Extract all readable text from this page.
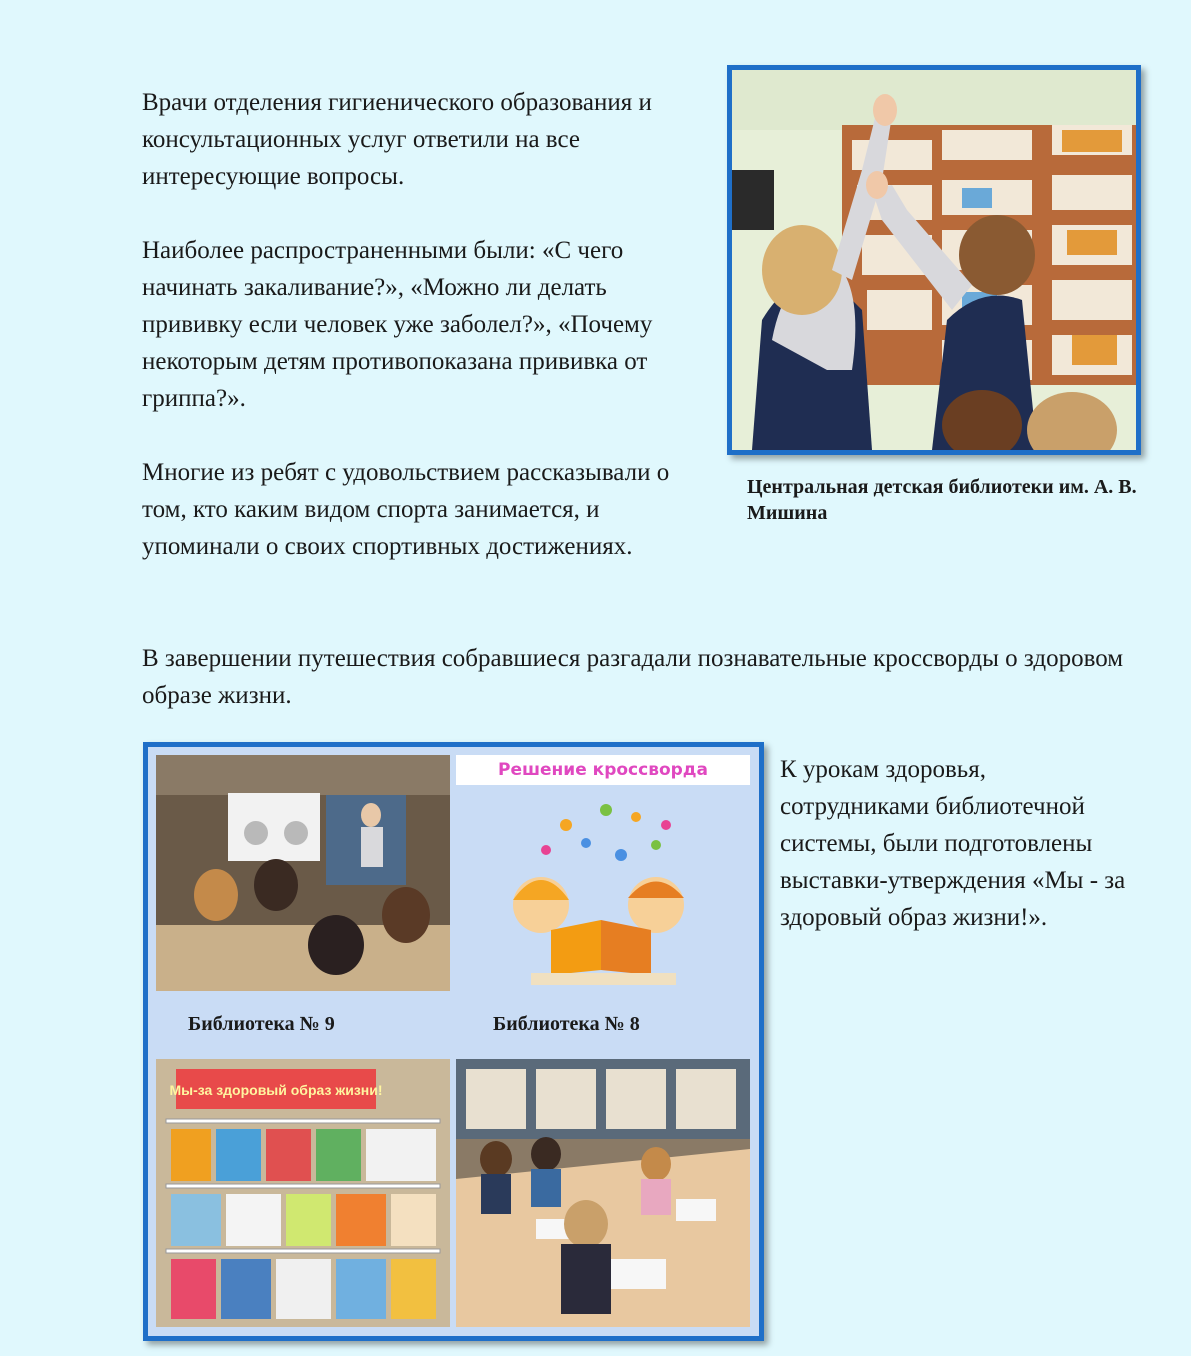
Врачи отделения гигиенического образования и консультационных услуг ответили на все интересующие вопросы.

Наиболее распространенными были: «С чего начинать закаливание?», «Можно ли делать прививку если человек уже заболел?», «Почему некоторым детям противопоказана прививка от гриппа?».

Многие из ребят с удовольствием рассказывали о том, кто каким видом спорта занимается, и упоминали о своих спортивных достижениях.

В завершении путешествия собравшиеся разгадали познавательные кроссворды о здоровом образе жизни.

К урокам здоровья, сотрудниками библиотечной системы, были подготовлены выставки-утверждения «Мы - за здоровый образ жизни!».

Центральная детская библиотеки им. А. В. Мишина

Решение кроссворда

Библиотека № 9	Библиотека № 8

Мы-за здоровый образ жизни!
